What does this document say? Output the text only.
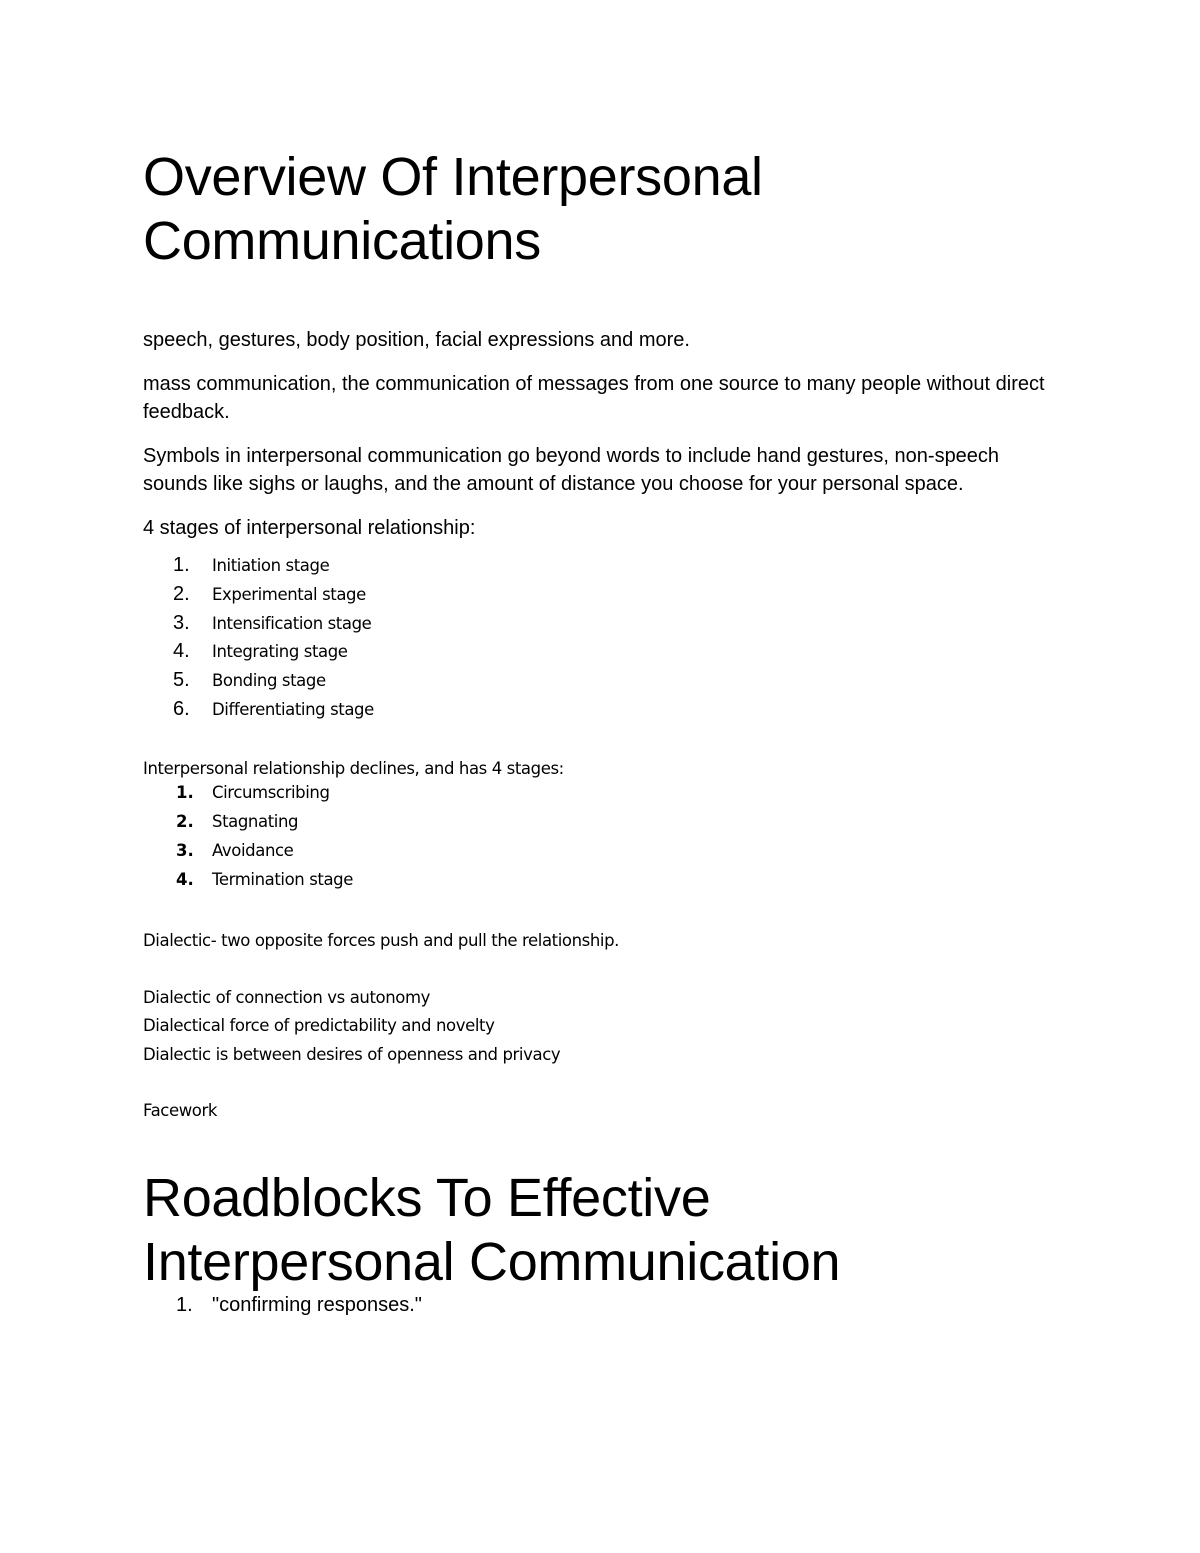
Overview Of Interpersonal
Communications

speech, gestures, body position, facial expressions and more.

mass communication, the communication of messages from one source to many people without direct feedback.

Symbols in interpersonal communication go beyond words to include hand gestures, non-speech sounds like sighs or laughs, and the amount of distance you choose for your personal space.

4 stages of interpersonal relationship:

1.	Initiation stage
2.	Experimental stage
3.	Intensification stage
4.	Integrating stage
5.	Bonding stage
6.	Differentiating stage

Interpersonal relationship declines, and has 4 stages:

1.	Circumscribing
2.	Stagnating
3.	Avoidance
4.	Termination stage

Dialectic- two opposite forces push and pull the relationship.

Dialectic of connection vs autonomy

Dialectical force of predictability and novelty

Dialectic is between desires of openness and privacy

Facework

Roadblocks To Effective
Interpersonal Communication
1. "confirming responses."
